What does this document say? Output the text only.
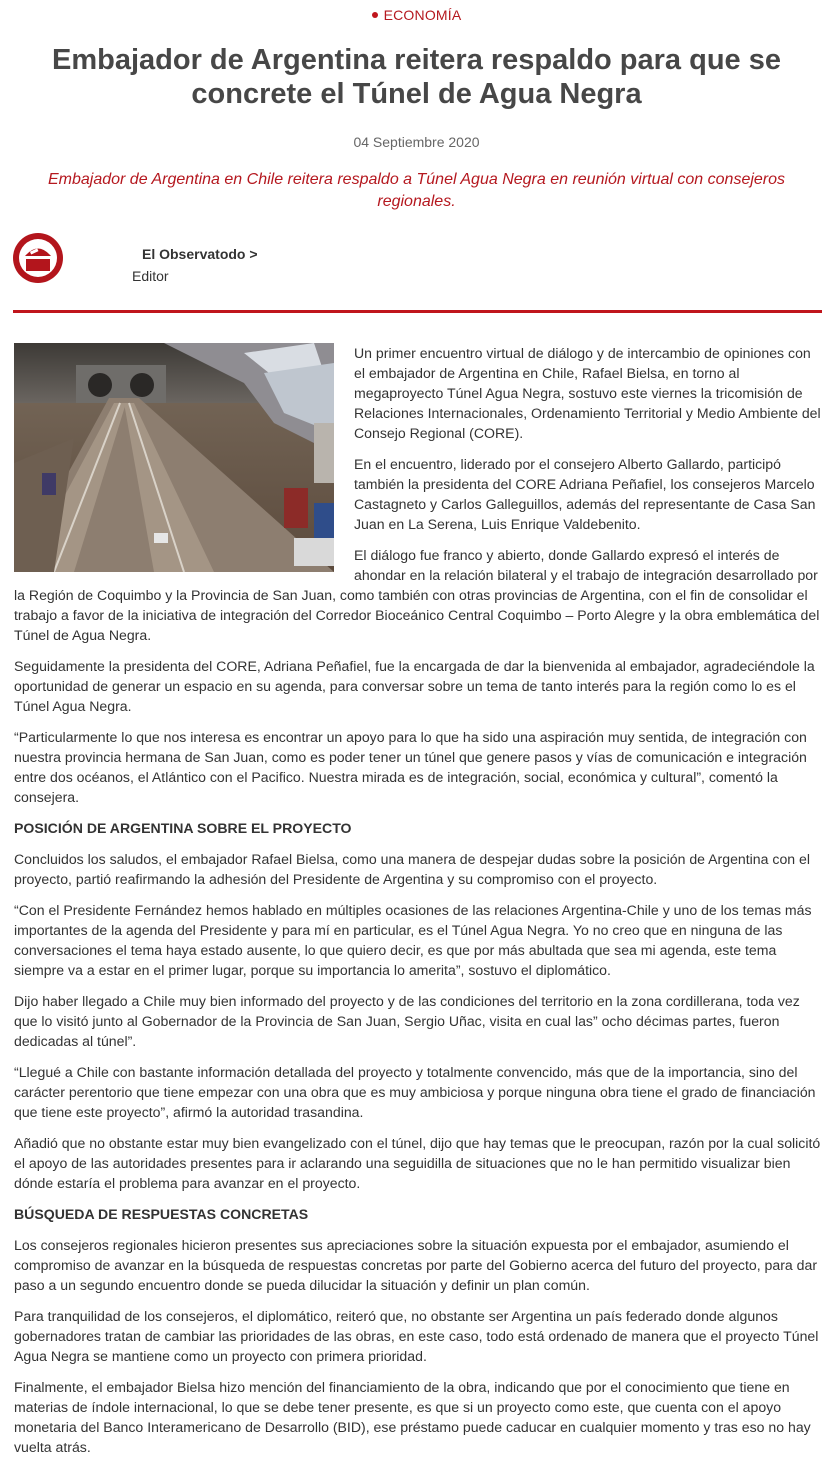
ECONOMÍA
Embajador de Argentina reitera respaldo para que se concrete el Túnel de Agua Negra
04 Septiembre 2020
Embajador de Argentina en Chile reitera respaldo a Túnel Agua Negra en reunión virtual con consejeros regionales.
El Observatodo >
Editor

Un primer encuentro virtual de diálogo y de intercambio de opiniones con el embajador de Argentina en Chile, Rafael Bielsa, en torno al megaproyecto Túnel Agua Negra, sostuvo este viernes la tricomisión de Relaciones Internacionales, Ordenamiento Territorial y Medio Ambiente del Consejo Regional (CORE).

En el encuentro, liderado por el consejero Alberto Gallardo, participó también la presidenta del CORE Adriana Peñafiel, los consejeros Marcelo Castagneto y Carlos Galleguillos, además del representante de Casa San Juan en La Serena, Luis Enrique Valdebenito.

El diálogo fue franco y abierto, donde Gallardo expresó el interés de ahondar en la relación bilateral y el trabajo de integración desarrollado por la Región de Coquimbo y la Provincia de San Juan, como también con otras provincias de Argentina, con el fin de consolidar el trabajo a favor de la iniciativa de integración del Corredor Bioceánico Central Coquimbo – Porto Alegre y la obra emblemática del Túnel de Agua Negra.

Seguidamente la presidenta del CORE, Adriana Peñafiel, fue la encargada de dar la bienvenida al embajador, agradeciéndole la oportunidad de generar un espacio en su agenda, para conversar sobre un tema de tanto interés para la región como lo es el Túnel Agua Negra.

“Particularmente lo que nos interesa es encontrar un apoyo para lo que ha sido una aspiración muy sentida, de integración con nuestra provincia hermana de San Juan, como es poder tener un túnel que genere pasos y vías de comunicación e integración entre dos océanos, el Atlántico con el Pacifico. Nuestra mirada es de integración, social, económica y cultural”, comentó la consejera.

POSICIÓN DE ARGENTINA SOBRE EL PROYECTO

Concluidos los saludos, el embajador Rafael Bielsa, como una manera de despejar dudas sobre la posición de Argentina con el proyecto, partió reafirmando la adhesión del Presidente de Argentina y su compromiso con el proyecto.

“Con el Presidente Fernández hemos hablado en múltiples ocasiones de las relaciones Argentina-Chile y uno de los temas más importantes de la agenda del Presidente y para mí en particular, es el Túnel Agua Negra. Yo no creo que en ninguna de las conversaciones el tema haya estado ausente, lo que quiero decir, es que por más abultada que sea mi agenda, este tema siempre va a estar en el primer lugar, porque su importancia lo amerita”, sostuvo el diplomático.

Dijo haber llegado a Chile muy bien informado del proyecto y de las condiciones del territorio en la zona cordillerana, toda vez que lo visitó junto al Gobernador de la Provincia de San Juan, Sergio Uñac, visita en cual las” ocho décimas partes, fueron dedicadas al túnel”.

“Llegué a Chile con bastante información detallada del proyecto y totalmente convencido, más que de la importancia, sino del carácter perentorio que tiene empezar con una obra que es muy ambiciosa y porque ninguna obra tiene el grado de financiación que tiene este proyecto”, afirmó la autoridad trasandina.

Añadió que no obstante estar muy bien evangelizado con el túnel, dijo que hay temas que le preocupan, razón por la cual solicitó el apoyo de las autoridades presentes para ir aclarando una seguidilla de situaciones que no le han permitido visualizar bien dónde estaría el problema para avanzar en el proyecto.

BÚSQUEDA DE RESPUESTAS CONCRETAS

Los consejeros regionales hicieron presentes sus apreciaciones sobre la situación expuesta por el embajador, asumiendo el compromiso de avanzar en la búsqueda de respuestas concretas por parte del Gobierno acerca del futuro del proyecto, para dar paso a un segundo encuentro donde se pueda dilucidar la situación y definir un plan común.

Para tranquilidad de los consejeros, el diplomático, reiteró que, no obstante ser Argentina un país federado donde algunos gobernadores tratan de cambiar las prioridades de las obras, en este caso, todo está ordenado de manera que el proyecto Túnel Agua Negra se mantiene como un proyecto con primera prioridad.

Finalmente, el embajador Bielsa hizo mención del financiamiento de la obra, indicando que por el conocimiento que tiene en materias de índole internacional, lo que se debe tener presente, es que si un proyecto como este, que cuenta con el apoyo monetaria del Banco Interamericano de Desarrollo (BID), ese préstamo puede caducar en cualquier momento y tras eso no hay vuelta atrás.
